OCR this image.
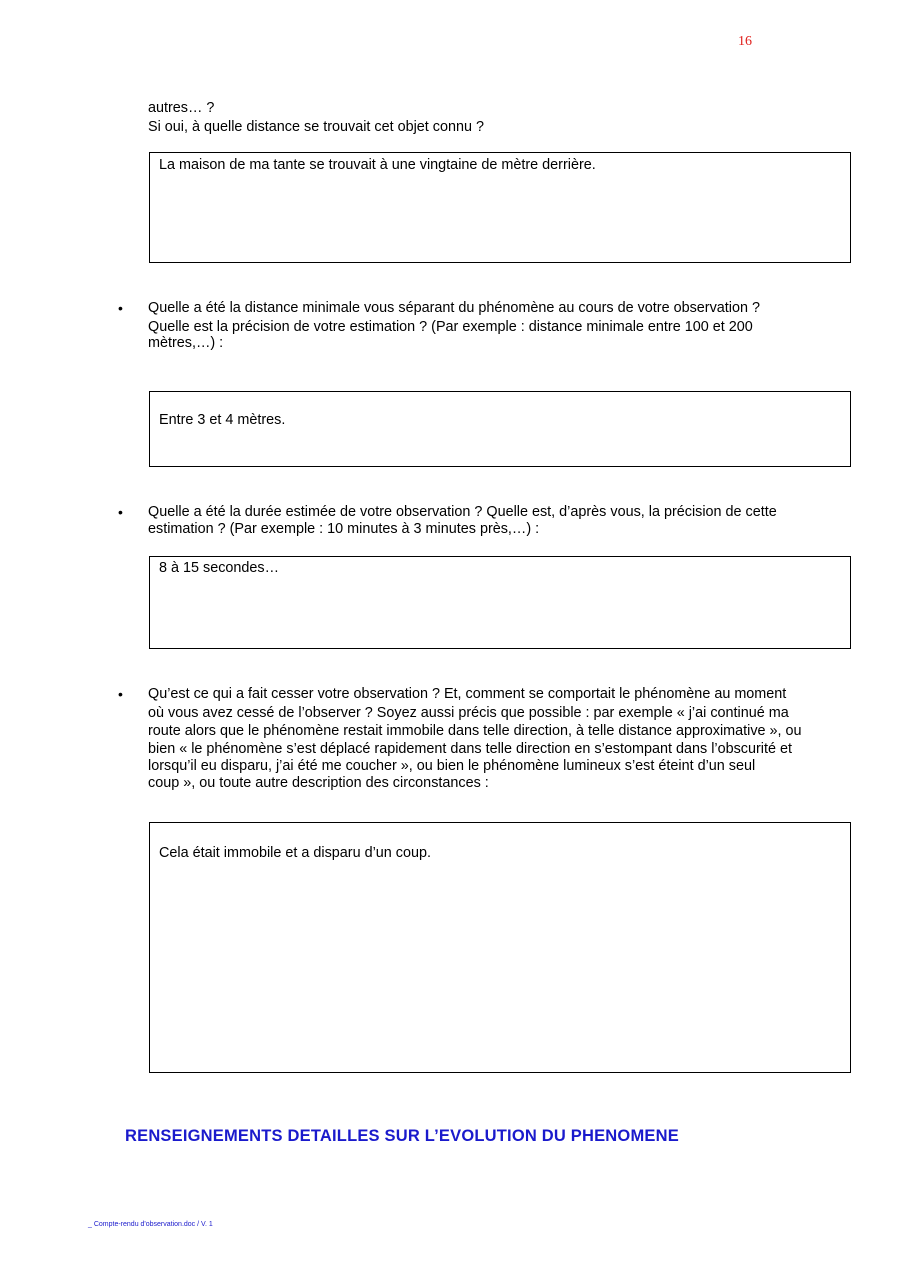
16
autres… ?
Si oui, à quelle distance se trouvait cet objet connu ?
La maison de ma tante se trouvait à une vingtaine de mètre derrière.
• Quelle a été la distance minimale vous séparant du phénomène au cours de votre observation ?
Quelle est la précision de votre estimation ? (Par exemple : distance minimale entre 100 et 200
mètres,…) :
Entre 3 et 4 mètres.
• Quelle a été la durée estimée de votre observation ? Quelle est, d’après vous, la précision de cette
estimation ? (Par exemple : 10 minutes à 3 minutes près,…) :
8 à 15 secondes…
• Qu’est ce qui a fait cesser votre observation ? Et, comment se comportait le phénomène au moment
où vous avez cessé de l’observer ? Soyez aussi précis que possible : par exemple « j’ai continué ma
route alors que le phénomène restait immobile dans telle direction, à telle distance approximative », ou
bien « le phénomène s’est déplacé rapidement dans telle direction en s’estompant dans l’obscurité et
lorsqu’il eu disparu, j’ai été me coucher », ou bien le phénomène lumineux s’est éteint d’un seul
coup », ou toute autre description des circonstances :
Cela était immobile et a disparu d’un coup.
RENSEIGNEMENTS DETAILLES SUR L’EVOLUTION DU PHENOMENE
_ Compte-rendu d'observation.doc / V. 1
